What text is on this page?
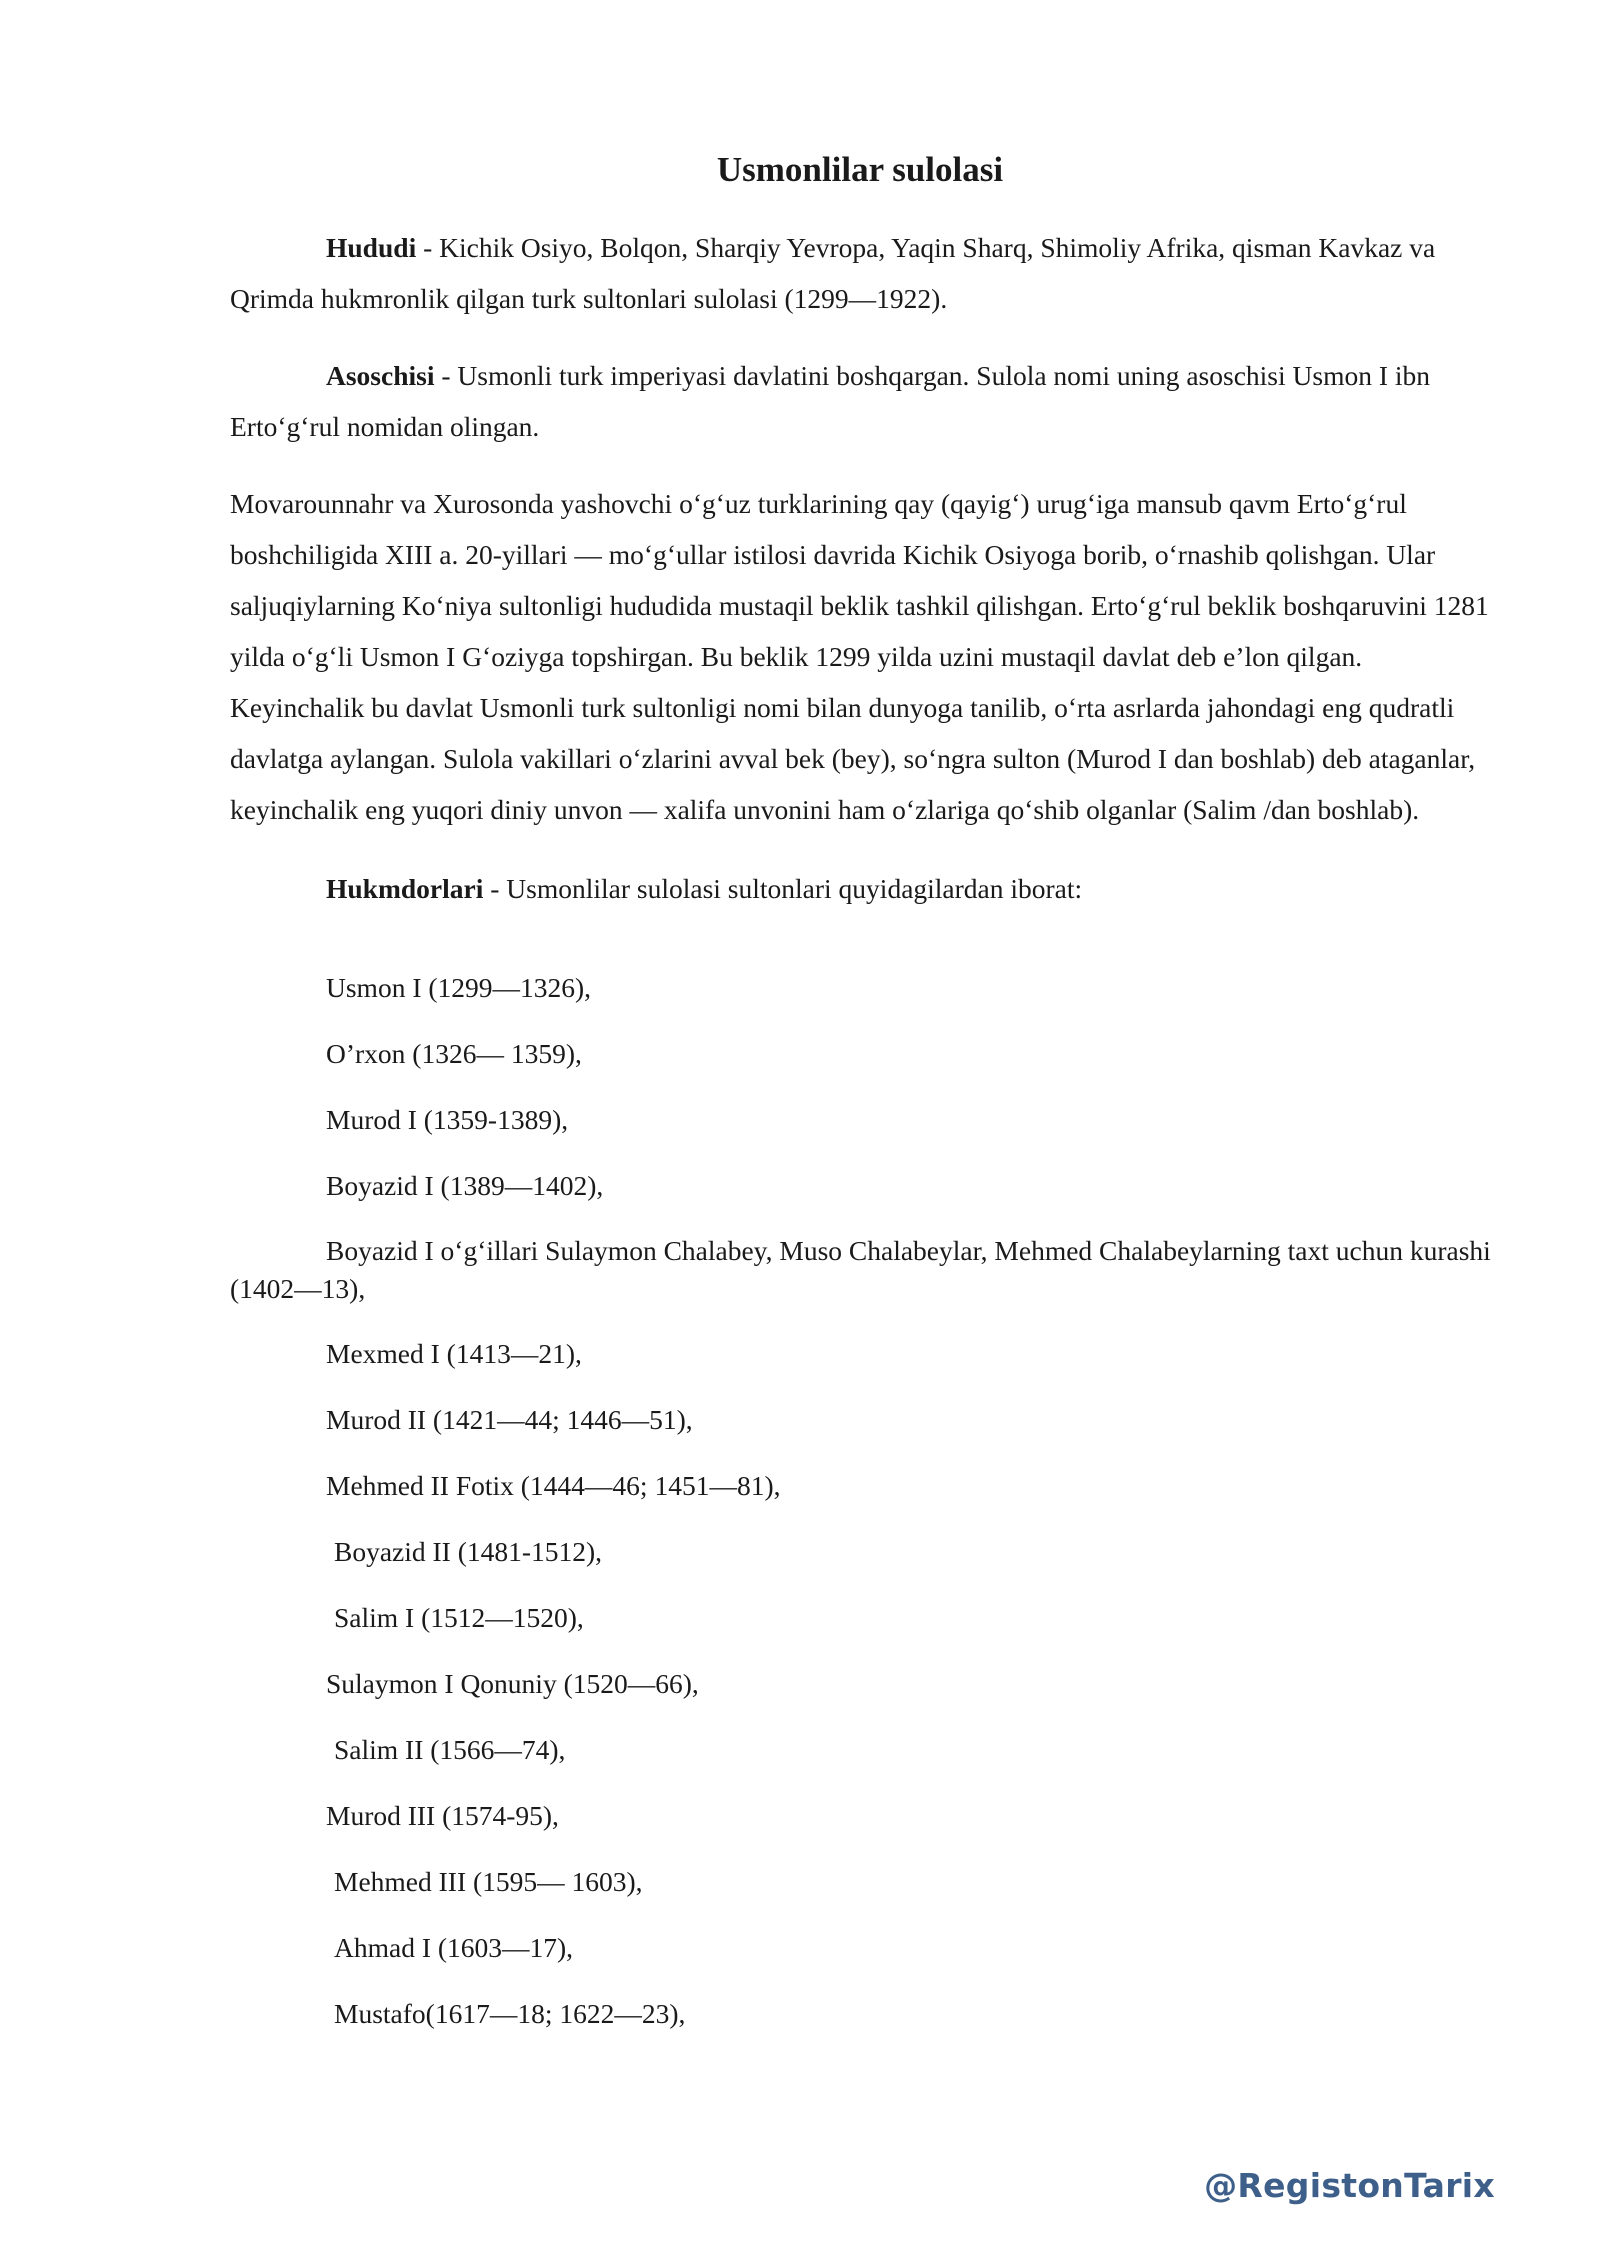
Usmonlilar sulolasi

Hududi - Kichik Osiyo, Bolqon, Sharqiy Yevropa, Yaqin Sharq, Shimoliy Afrika, qisman Kavkaz va Qrimda hukmronlik qilgan turk sultonlari sulolasi (1299—1922).

Asoschisi - Usmonli turk imperiyasi davlatini boshqargan. Sulola nomi uning asoschisi Usmon I ibn Erto‘g‘rul nomidan olingan.

Movarounnahr va Xurosonda yashovchi o‘g‘uz turklarining qay (qayig‘) urug‘iga mansub qavm Erto‘g‘rul boshchiligida XIII a. 20-yillari — mo‘g‘ullar istilosi davrida Kichik Osiyoga borib, o‘rnashib qolishgan. Ular saljuqiylarning Ko‘niya sultonligi hududida mustaqil beklik tashkil qilishgan. Erto‘g‘rul beklik boshqaruvini 1281 yilda o‘g‘li Usmon I G‘oziyga topshirgan. Bu beklik 1299 yilda uzini mustaqil davlat deb e’lon qilgan. Keyinchalik bu davlat Usmonli turk sultonligi nomi bilan dunyoga tanilib, o‘rta asrlarda jahondagi eng qudratli davlatga aylangan. Sulola vakillari o‘zlarini avval bek (bey), so‘ngra sulton (Murod I dan boshlab) deb ataganlar, keyinchalik eng yuqori diniy unvon — xalifa unvonini ham o‘zlariga qo‘shib olganlar (Salim /dan boshlab).

Hukmdorlari - Usmonlilar sulolasi sultonlari quyidagilardan iborat:

Usmon I (1299—1326),

O’rxon (1326— 1359),

Murod I (1359-1389),

Boyazid I (1389—1402),

Boyazid I o‘g‘illari Sulaymon Chalabey, Muso Chalabeylar, Mehmed Chalabeylarning taxt uchun kurashi (1402—13),

Mexmed I (1413—21),

Murod II (1421—44; 1446—51),

Mehmed II Fotix (1444—46; 1451—81),

Boyazid II (1481-1512),

Salim I (1512—1520),

Sulaymon I Qonuniy (1520—66),

Salim II (1566—74),

Murod III (1574-95),

Mehmed III (1595— 1603),

Ahmad I (1603—17),

Mustafo(1617—18; 1622—23),

@RegistonTarix
